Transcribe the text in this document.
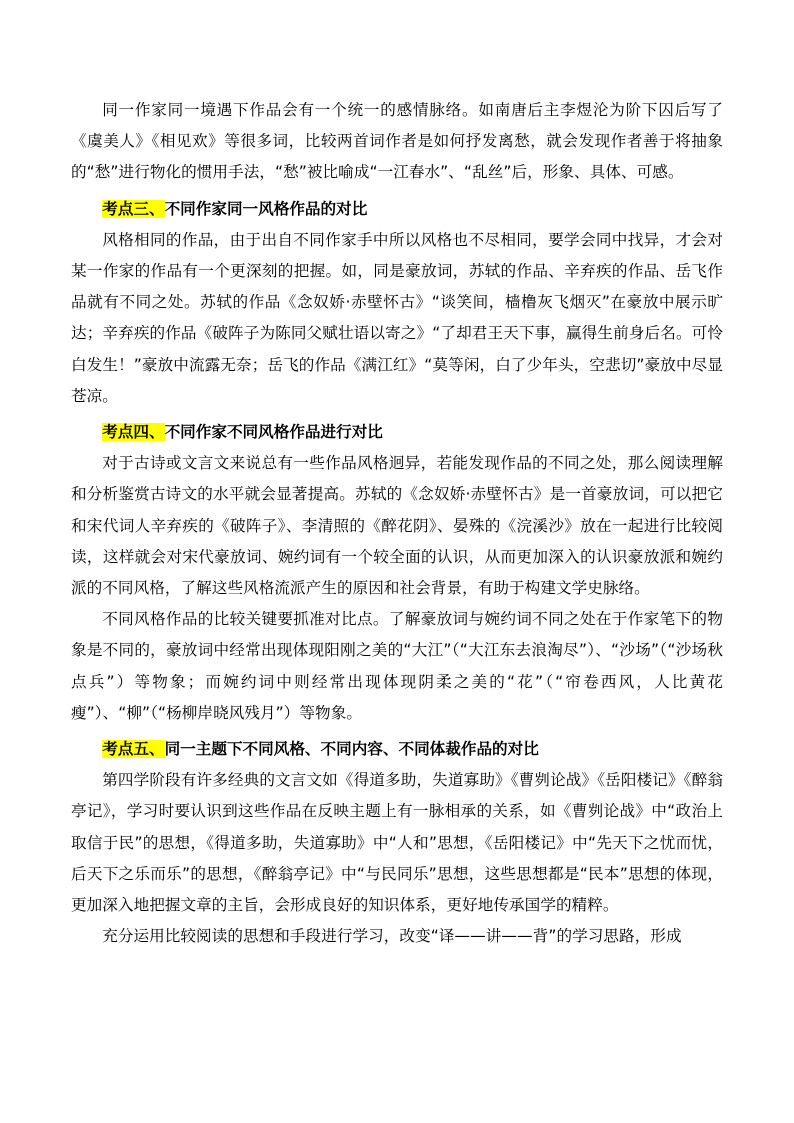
同一作家同一境遇下作品会有一个统一的感情脉络。如南唐后主李煜沦为阶下囚后写了《虞美人》《相见欢》等很多词，比较两首词作者是如何抒发离愁，就会发现作者善于将抽象的“愁”进行物化的惯用手法，“愁”被比喻成“一江春水”、“乱丝”后，形象、具体、可感。

考点三、不同作家同一风格作品的对比

风格相同的作品，由于出自不同作家手中所以风格也不尽相同，要学会同中找异，才会对某一作家的作品有一个更深刻的把握。如，同是豪放词，苏轼的作品、辛弃疾的作品、岳飞作品就有不同之处。苏轼的作品《念奴娇·赤壁怀古》“谈笑间，樯橹灰飞烟灭”在豪放中展示旷达；辛弃疾的作品《破阵子为陈同父赋壮语以寄之》“了却君王天下事，赢得生前身后名。可怜白发生！”豪放中流露无奈；岳飞的作品《满江红》“莫等闲，白了少年头，空悲切”豪放中尽显苍凉。

考点四、不同作家不同风格作品进行对比

对于古诗或文言文来说总有一些作品风格迥异，若能发现作品的不同之处，那么阅读理解和分析鉴赏古诗文的水平就会显著提高。苏轼的《念奴娇·赤壁怀古》是一首豪放词，可以把它和宋代词人辛弃疾的《破阵子》、李清照的《醉花阴》、晏殊的《浣溪沙》放在一起进行比较阅读，这样就会对宋代豪放词、婉约词有一个较全面的认识，从而更加深入的认识豪放派和婉约派的不同风格，了解这些风格流派产生的原因和社会背景，有助于构建文学史脉络。

不同风格作品的比较关键要抓准对比点。了解豪放词与婉约词不同之处在于作家笔下的物象是不同的，豪放词中经常出现体现阳刚之美的“大江”（“大江东去浪淘尽”）、“沙场”（“沙场秋点兵”）等物象；而婉约词中则经常出现体现阴柔之美的“花”（“帘卷西风，人比黄花瘦”）、“柳”（“杨柳岸晓风残月”）等物象。

考点五、同一主题下不同风格、不同内容、不同体裁作品的对比

第四学阶段有许多经典的文言文如《得道多助，失道寡助》《曹刿论战》《岳阳楼记》《醉翁亭记》，学习时要认识到这些作品在反映主题上有一脉相承的关系，如《曹刿论战》中“政治上取信于民”的思想，《得道多助，失道寡助》中“人和”思想，《岳阳楼记》中“先天下之忧而忧，后天下之乐而乐”的思想，《醉翁亭记》中“与民同乐”思想，这些思想都是“民本”思想的体现，更加深入地把握文章的主旨，会形成良好的知识体系，更好地传承国学的精粹。

充分运用比较阅读的思想和手段进行学习，改变“译——讲——背”的学习思路，形成
